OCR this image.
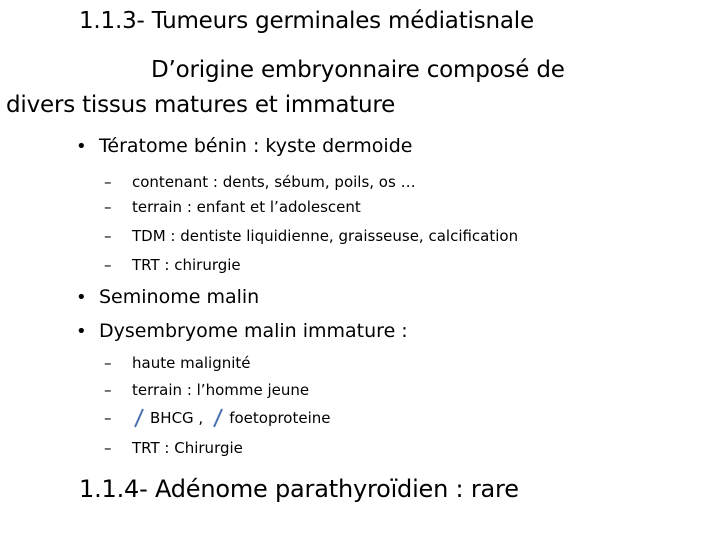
1.1.3- Tumeurs germinales médiatisnale
D’origine embryonnaire composé de
divers tissus matures et immature
• Tératome bénin : kyste dermoide
–	contenant : dents, sébum, poils, os …
–	terrain : enfant et l’adolescent
–	TDM : dentiste liquidienne, graisseuse, calcification
–	TRT : chirurgie
• Seminome malin
• Dysembryome malin immature :
–	haute malignité
–	terrain : l’homme jeune
–	BHCG , foetoproteine
–	TRT : Chirurgie
1.1.4- Adénome parathyroïdien : rare
